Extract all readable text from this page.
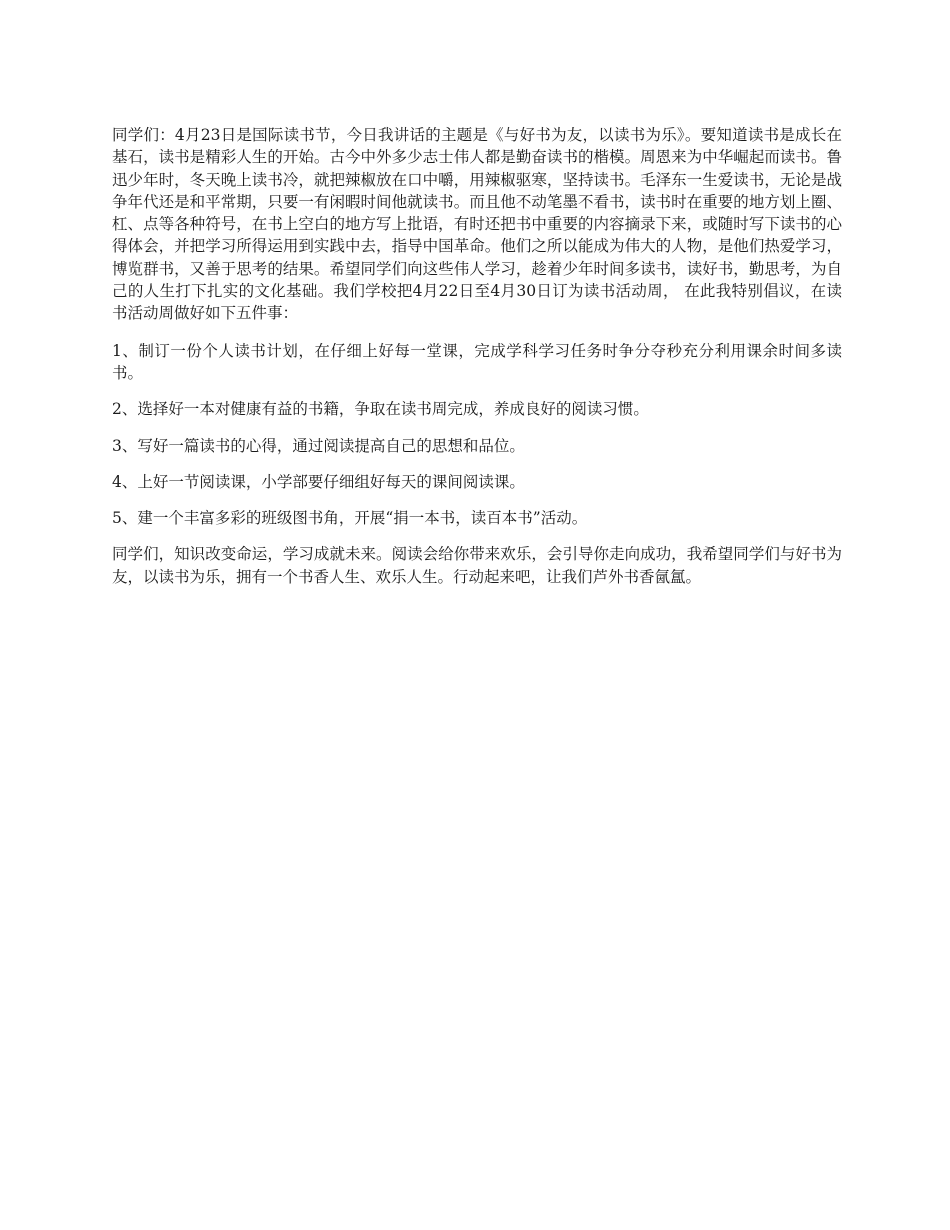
同学们：4月23日是国际读书节，今日我讲话的主题是《与好书为友，以读书为乐》。要知道读书是成长在基石，读书是精彩人生的开始。古今中外多少志士伟人都是勤奋读书的楷模。周恩来为中华崛起而读书。鲁迅少年时，冬天晚上读书冷，就把辣椒放在口中嚼，用辣椒驱寒，坚持读书。毛泽东一生爱读书，无论是战争年代还是和平常期，只要一有闲暇时间他就读书。而且他不动笔墨不看书，读书时在重要的地方划上圈、杠、点等各种符号，在书上空白的地方写上批语，有时还把书中重要的内容摘录下来，或随时写下读书的心得体会，并把学习所得运用到实践中去，指导中国革命。他们之所以能成为伟大的人物，是他们热爱学习，博览群书，又善于思考的结果。希望同学们向这些伟人学习，趁着少年时间多读书，读好书，勤思考，为自己的人生打下扎实的文化基础。我们学校把4月22日至4月30日订为读书活动周， 在此我特别倡议，在读书活动周做好如下五件事：

1、制订一份个人读书计划，在仔细上好每一堂课，完成学科学习任务时争分夺秒充分利用课余时间多读书。

2、选择好一本对健康有益的书籍，争取在读书周完成，养成良好的阅读习惯。

3、写好一篇读书的心得，通过阅读提高自己的思想和品位。

4、上好一节阅读课，小学部要仔细组好每天的课间阅读课。

5、建一个丰富多彩的班级图书角，开展“捐一本书，读百本书”活动。

同学们，知识改变命运，学习成就未来。阅读会给你带来欢乐，会引导你走向成功，我希望同学们与好书为友，以读书为乐，拥有一个书香人生、欢乐人生。行动起来吧，让我们芦外书香氤氲。
